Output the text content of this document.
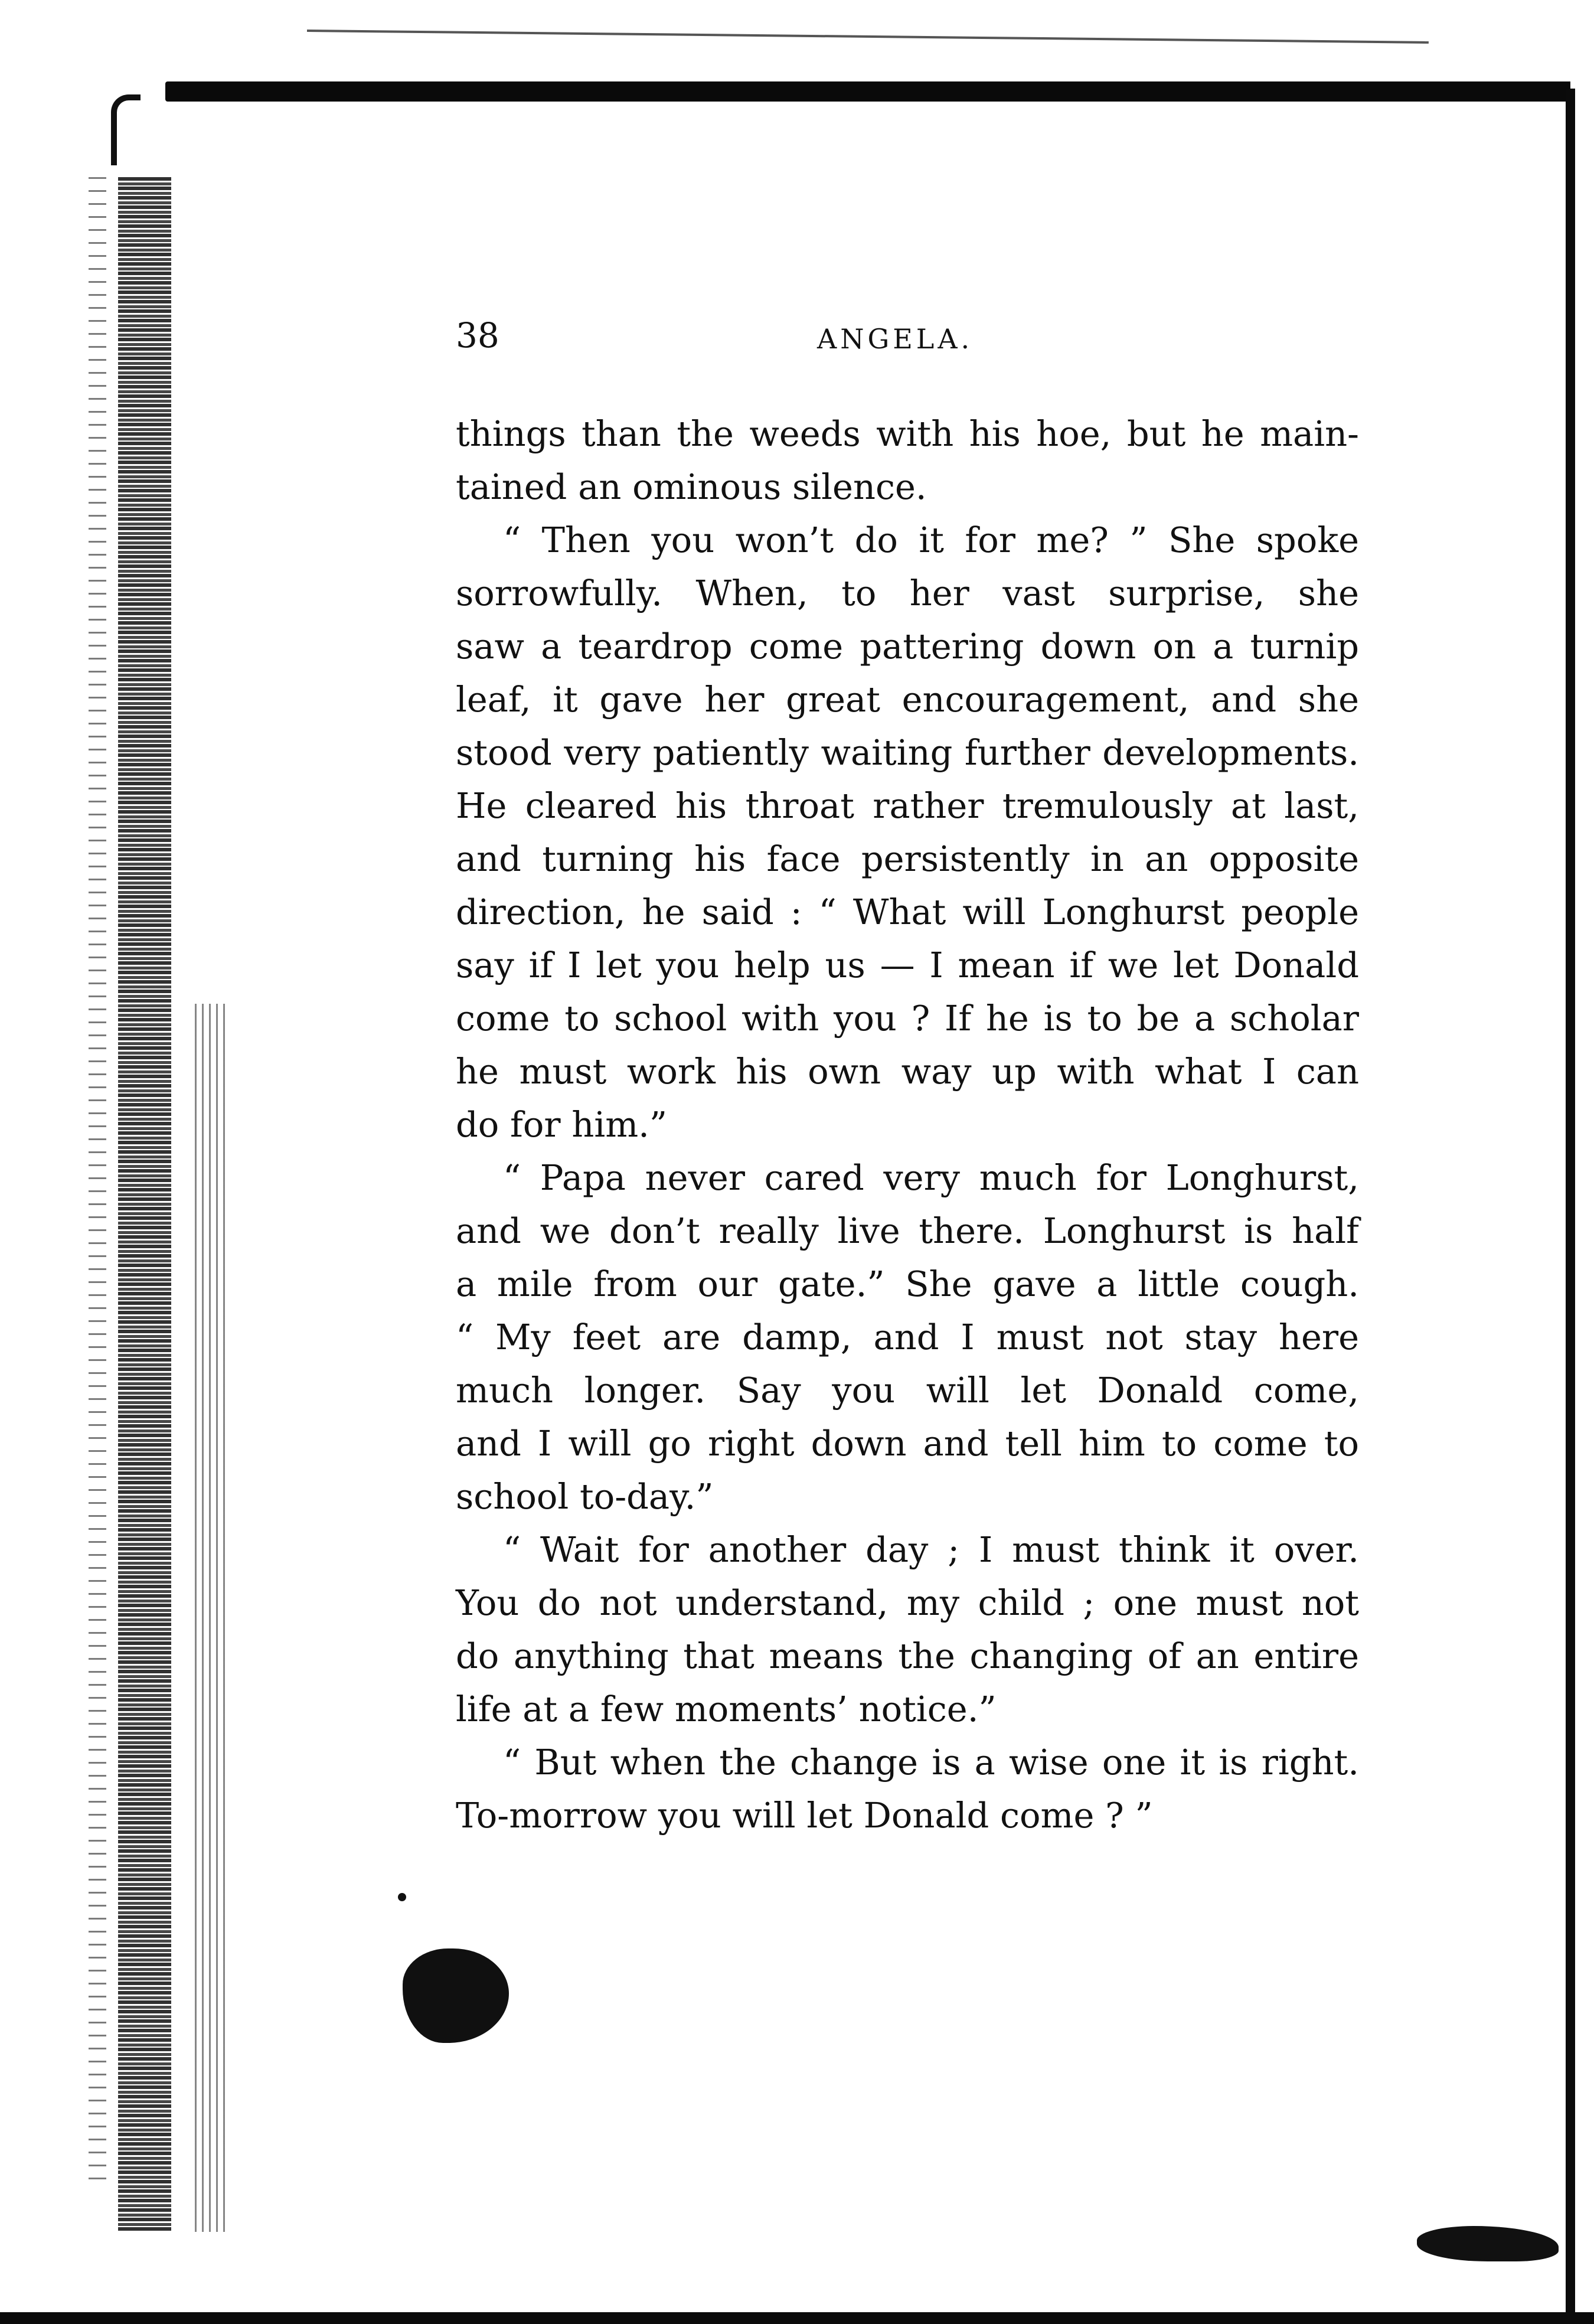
38	ANGELA.
things than the weeds with his hoe, but he main-
tained an ominous silence.
“ Then you won’t do it for me? ” She spoke
sorrowfully. When, to her vast surprise, she
saw a teardrop come pattering down on a turnip
leaf, it gave her great encouragement, and she
stood very patiently waiting further developments.
He cleared his throat rather tremulously at last,
and turning his face persistently in an opposite
direction, he said : “ What will Longhurst people
say if I let you help us — I mean if we let Donald
come to school with you ? If he is to be a scholar
he must work his own way up with what I can
do for him.”
“ Papa never cared very much for Longhurst,
and we don’t really live there. Longhurst is half
a mile from our gate.” She gave a little cough.
“ My feet are damp, and I must not stay here
much longer. Say you will let Donald come,
and I will go right down and tell him to come to
school to-day.”
“ Wait for another day ; I must think it over.
You do not understand, my child ; one must not
do anything that means the changing of an entire
life at a few moments’ notice.”
“ But when the change is a wise one it is right.
To-morrow you will let Donald come ? ”
